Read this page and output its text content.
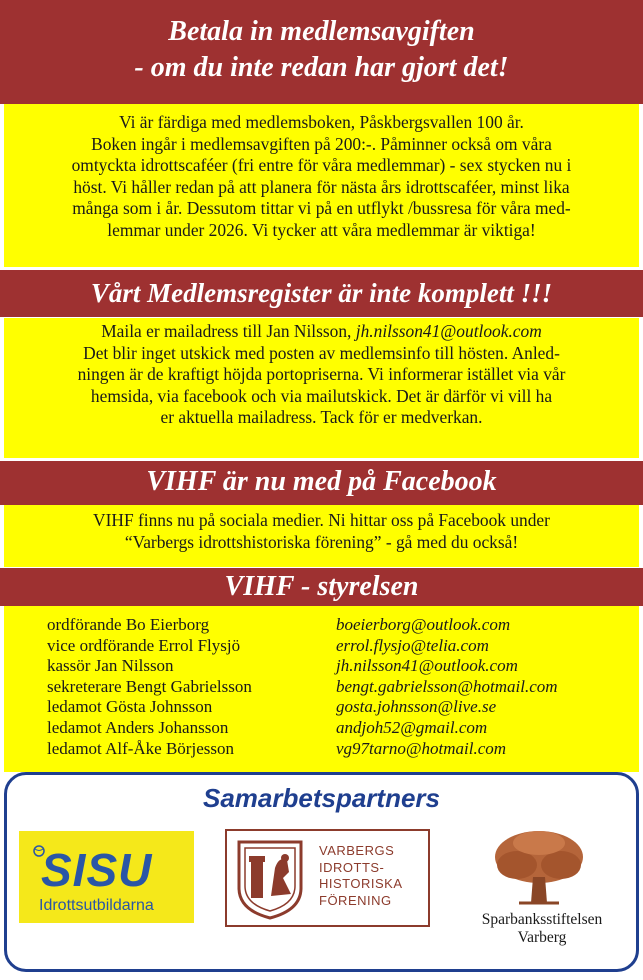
Betala in medlemsavgiften
- om du inte redan har gjort det!
Vi är färdiga med medlemsboken, Påskbergsvallen 100 år.
Boken ingår i medlemsavgiften på 200:-. Påminner också om våra
omtyckta idrottscaféer (fri entre för våra medlemmar) - sex stycken nu i
höst. Vi håller redan på att planera för nästa års idrottscaféer, minst lika
många som i år. Dessutom tittar vi på en utflykt /bussresa för våra med-
lemmar under 2026. Vi tycker att våra medlemmar är viktiga!
Vårt Medlemsregister är inte komplett !!!
Maila er mailadress till Jan Nilsson, jh.nilsson41@outlook.com
Det blir inget utskick med posten av medlemsinfo till hösten. Anled-
ningen är de kraftigt höjda portopriserna. Vi informerar istället via vår
hemsida, via facebook och via mailutskick. Det är därför vi vill ha
er aktuella mailadress. Tack för er medverkan.
VIHF är nu med på Facebook
VIHF finns nu på sociala medier. Ni hittar oss på Facebook under
“Varbergs idrottshistoriska förening” - gå med du också!
VIHF - styrelsen
ordförande Bo Eierborg	boeierborg@outlook.com
vice ordförande Errol Flysjö	errol.flysjo@telia.com
kassör Jan Nilsson	jh.nilsson41@outlook.com
sekreterare Bengt Gabrielsson	bengt.gabrielsson@hotmail.com
ledamot Gösta Johnsson	gosta.johnsson@live.se
ledamot Anders Johansson	andjoh52@gmail.com
ledamot Alf-Åke Börjesson	vg97tarno@hotmail.com
Samarbetspartners
SISU
Idrottsutbildarna
VARBERGS
IDROTTS-
HISTORISKA
FÖRENING
Sparbanksstiftelsen
Varberg
